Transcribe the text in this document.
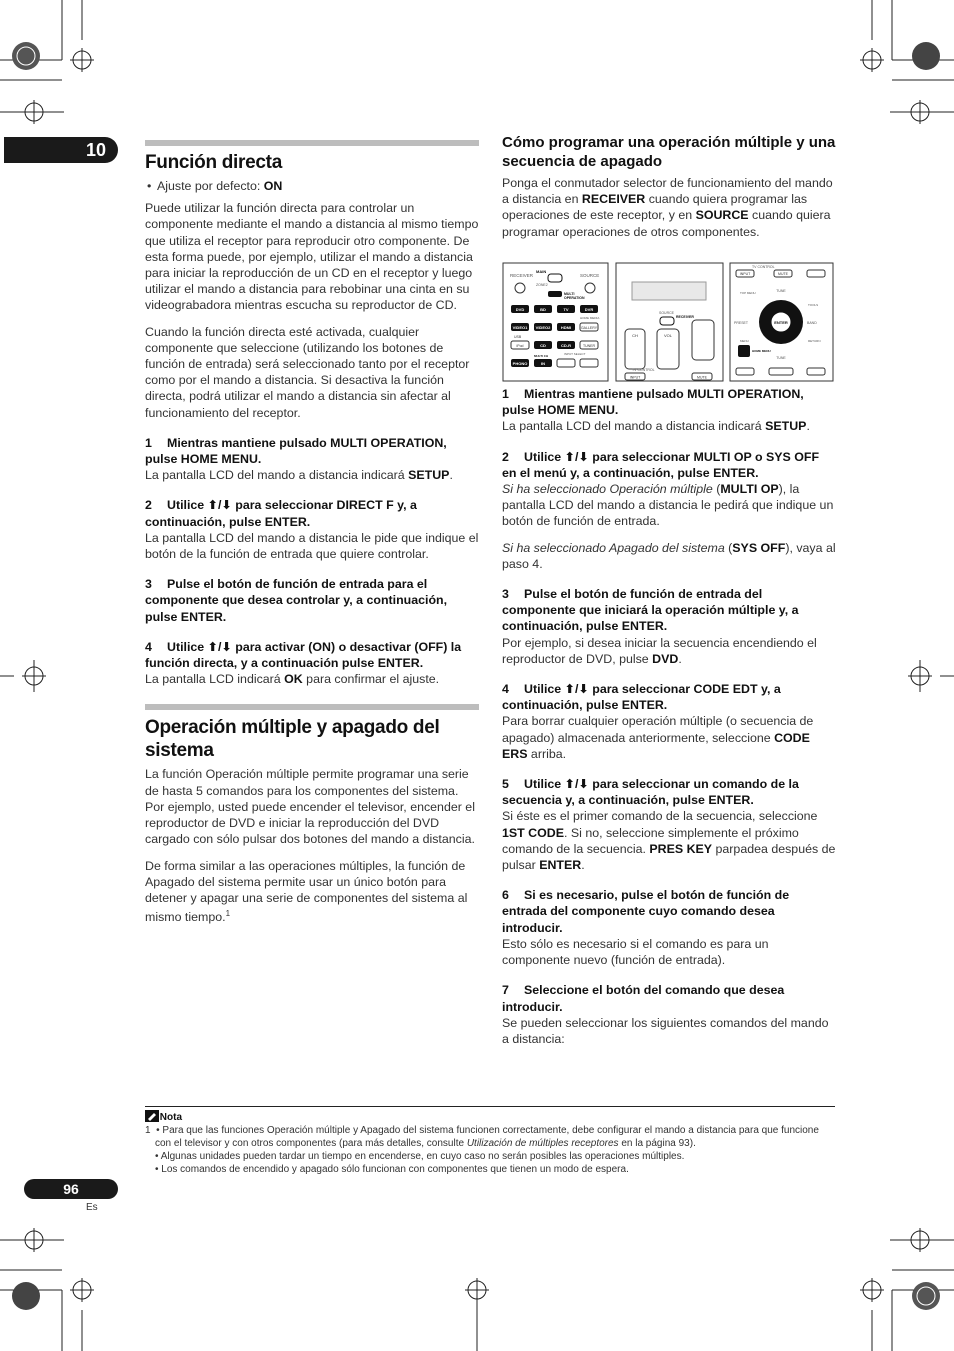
10
96
Es
Función directa

• Ajuste por defecto: ON

Puede utilizar la función directa para controlar un componente mediante el mando a distancia al mismo tiempo que utiliza el receptor para reproducir otro componente. De esta forma puede, por ejemplo, utilizar el mando a distancia para iniciar la reproducción de un CD en el receptor y luego utilizar el mando a distancia para rebobinar una cinta en su videograbadora mientras escucha su reproductor de CD.

Cuando la función directa esté activada, cualquier componente que seleccione (utilizando los botones de función de entrada) será seleccionado tanto por el receptor como por el mando a distancia. Si desactiva la función directa, podrá utilizar el mando a distancia sin afectar al funcionamiento del receptor.

1 Mientras mantiene pulsado MULTI OPERATION, pulse HOME MENU.

La pantalla LCD del mando a distancia indicará SETUP.

2 Utilice ⬆/⬇ para seleccionar DIRECT F y, a continuación, pulse ENTER.

La pantalla LCD del mando a distancia le pide que indique el botón de la función de entrada que quiere controlar.

3 Pulse el botón de función de entrada para el componente que desea controlar y, a continuación, pulse ENTER.
4 Utilice ⬆/⬇ para activar (ON) o desactivar (OFF) la función directa, y a continuación pulse ENTER.

La pantalla LCD indicará OK para confirmar el ajuste.

Operación múltiple y apagado del sistema

La función Operación múltiple permite programar una serie de hasta 5 comandos para los componentes del sistema. Por ejemplo, usted puede encender el televisor, encender el reproductor de DVD e iniciar la reproducción del DVD cargado con sólo pulsar dos botones del mando a distancia.

De forma similar a las operaciones múltiples, la función de Apagado del sistema permite usar un único botón para detener y apagar una serie de componentes del sistema al mismo tiempo.$^1$

Cómo programar una operación múltiple y una secuencia de apagado

Ponga el conmutador selector de funcionamiento del mando a distancia en RECEIVER cuando quiera programar las operaciones de este receptor, y en SOURCE cuando quiera programar operaciones de otros componentes.

RECEIVER
MAIN
ZONE2
SOURCE
MULTI
OPERATION
DVD	BD	TV	DVR
VIDEO1 VIDEO2	HDMI
CD	CD-R
IN
PHONO
HOME MEDIA
GALLERY
USB
iPod	TUNER
MULTI CH	INPUT SELECT
SOURCE
RECEIVER
CH	VOL
TV CONTROL
INPUT	MUTE
TV CONTROL
INPUT	MUTE
TUNE
TOP MENU
PRESET	BAND
ENTER
HOME MENU
TOOLS
MENU	RETURN
TUNE
1 Mientras mantiene pulsado MULTI OPERATION, pulse HOME MENU.

La pantalla LCD del mando a distancia indicará SETUP.

2 Utilice ⬆/⬇ para seleccionar MULTI OP o SYS OFF en el menú y, a continuación, pulse ENTER.

Si ha seleccionado Operación múltiple (MULTI OP), la pantalla LCD del mando a distancia le pedirá que indique un botón de función de entrada.

Si ha seleccionado Apagado del sistema (SYS OFF), vaya al paso 4.

3 Pulse el botón de función de entrada del componente que iniciará la operación múltiple y, a continuación, pulse ENTER.

Por ejemplo, si desea iniciar la secuencia encendiendo el reproductor de DVD, pulse DVD.

4 Utilice ⬆/⬇ para seleccionar CODE EDT y, a continuación, pulse ENTER.

Para borrar cualquier operación múltiple (o secuencia de apagado) almacenada anteriormente, seleccione CODE ERS arriba.

5 Utilice ⬆/⬇ para seleccionar un comando de la secuencia y, a continuación, pulse ENTER.

Si éste es el primer comando de la secuencia, seleccione 1ST CODE. Si no, seleccione simplemente el próximo comando de la secuencia. PRES KEY parpadea después de pulsar ENTER.

6 Si es necesario, pulse el botón de función de entrada del componente cuyo comando desea introducir.

Esto sólo es necesario si el comando es para un componente nuevo (función de entrada).

7 Seleccione el botón del comando que desea introducir.

Se pueden seleccionar los siguientes comandos del mando a distancia:

Nota
1 • Para que las funciones Operación múltiple y Apagado del sistema funcionen correctamente, debe configurar el mando a distancia para que funcione con el televisor y con otros componentes (para más detalles, consulte Utilización de múltiples receptores en la página 93).
• Algunas unidades pueden tardar un tiempo en encenderse, en cuyo caso no serán posibles las operaciones múltiples.
• Los comandos de encendido y apagado sólo funcionan con componentes que tienen un modo de espera.
